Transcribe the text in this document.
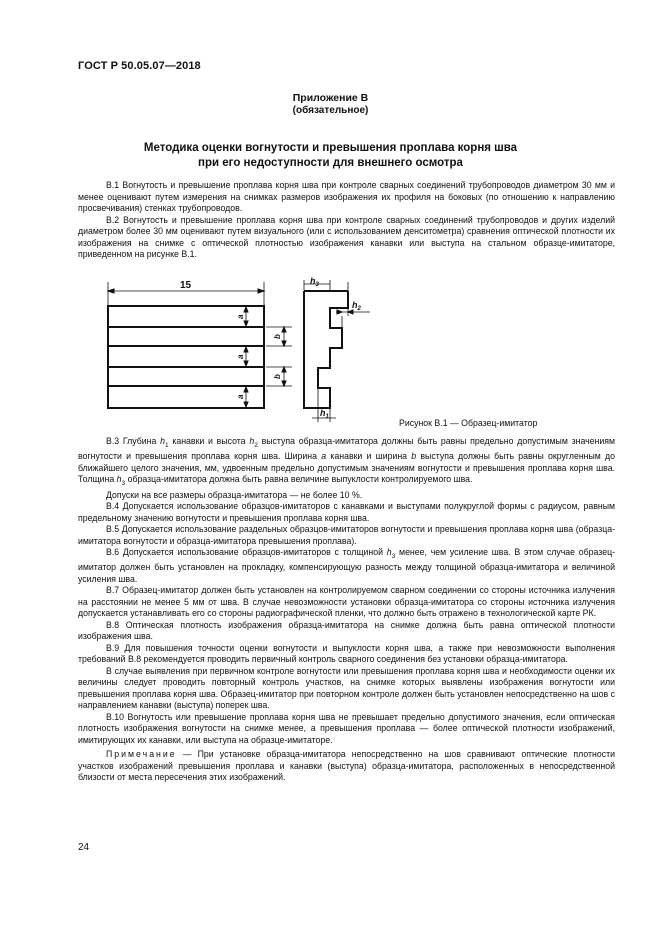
ГОСТ Р 50.05.07—2018
Приложение В
(обязательное)
Методика оценки вогнутости и превышения проплава корня шва
при его недоступности для внешнего осмотра

В.1 Вогнутость и превышение проплава корня шва при контроле сварных соединений трубопроводов диаметром 30 мм и менее оценивают путем измерения на снимках размеров изображения их профиля на боковых (по отношению к направлению просвечивания) стенках трубопроводов.

В.2 Вогнутость и превышение проплава корня шва при контроле сварных соединений трубопроводов и других изделий диаметром более 30 мм оценивают путем визуального (или с использованием денситометра) сравнения оптической плотности их изображения на снимке с оптической плотностью изображения канавки или выступа на стальном образце-имитаторе, приведенном на рисунке В.1.

15
a
a
a
b
b
$h_3$
$h_2$
$h_1$
Рисунок В.1 — Образец-имитатор

В.3 Глубина $h_1$ канавки и высота $h_2$ выступа образца-имитатора должны быть равны предельно допустимым значениям вогнутости и превышения проплава корня шва. Ширина a канавки и ширина b выступа должны быть равны округленным до ближайшего целого значения, мм, удвоенным предельно допустимым значениям вогнутости и превышения проплава корня шва. Толщина $h_3$ образца-имитатора должна быть равна величине выпуклости контролируемого шва.

Допуски на все размеры образца-имитатора — не более 10 %.

В.4 Допускается использование образцов-имитаторов с канавками и выступами полукруглой формы с радиусом, равным предельному значению вогнутости и превышения проплава корня шва.

В.5 Допускается использование раздельных образцов-имитаторов вогнутости и превышения проплава корня шва (образца-имитатора вогнутости и образца-имитатора превышения проплава).

В.6 Допускается использование образцов-имитаторов с толщиной $h_3$ менее, чем усиление шва. В этом случае образец-имитатор должен быть установлен на прокладку, компенсирующую разность между толщиной образца-имитатора и величиной усиления шва.

В.7 Образец-имитатор должен быть установлен на контролируемом сварном соединении со стороны источника излучения на расстоянии не менее 5 мм от шва. В случае невозможности установки образца-имитатора со стороны источника излучения допускается устанавливать его со стороны радиографической пленки, что должно быть отражено в технологической карте РК.

В.8 Оптическая плотность изображения образца-имитатора на снимке должна быть равна оптической плотности изображения шва.

В.9 Для повышения точности оценки вогнутости и выпуклости корня шва, а также при невозможности выполнения требований В.8 рекомендуется проводить первичный контроль сварного соединения без установки образца-имитатора.

В случае выявления при первичном контроле вогнутости или превышения проплава корня шва и необходимости оценки их величины следует проводить повторный контроль участков, на снимке которых выявлены изображения вогнутости или превышения проплава корня шва. Образец-имитатор при повторном контроле должен быть установлен непосредственно на шов с направлением канавки (выступа) поперек шва.

В.10 Вогнутость или превышение проплава корня шва не превышает предельно допустимого значения, если оптическая плотность изображения вогнутости на снимке менее, а превышения проплава — более оптической плотности изображений, имитирующих их канавки, или выступа на образце-имитаторе.

Примечание — При установке образца-имитатора непосредственно на шов сравнивают оптические плотности участков изображений превышения проплава и канавки (выступа) образца-имитатора, расположенных в непосредственной близости от места пересечения этих изображений.

24
